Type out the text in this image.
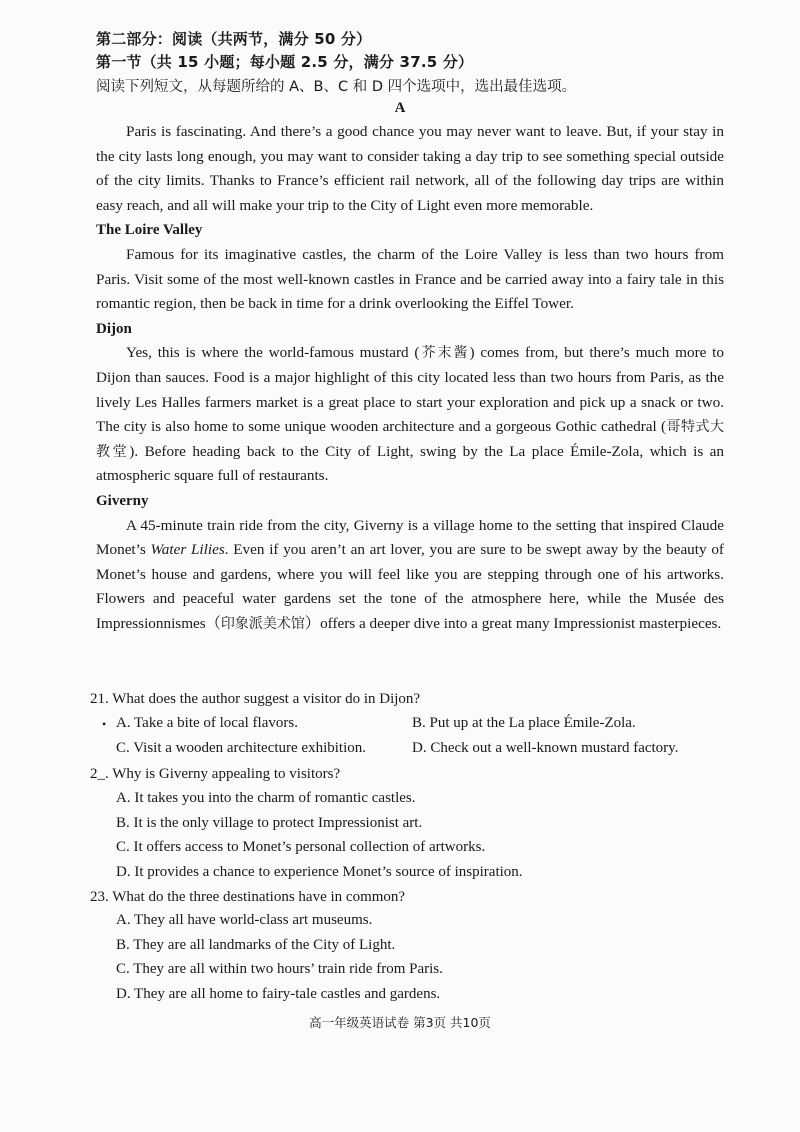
第二部分：阅读（共两节，满分 50 分）
第一节（共 15 小题；每小题 2.5 分，满分 37.5 分）
阅读下列短文，从每题所给的 A、B、C 和 D 四个选项中，选出最佳选项。
A

Paris is fascinating. And there’s a good chance you may never want to leave. But, if your stay in the city lasts long enough, you may want to consider taking a day trip to see something special outside of the city limits. Thanks to France’s efficient rail network, all of the following day trips are within easy reach, and all will make your trip to the City of Light even more memorable.

The Loire Valley

Famous for its imaginative castles, the charm of the Loire Valley is less than two hours from Paris. Visit some of the most well-known castles in France and be carried away into a fairy tale in this romantic region, then be back in time for a drink overlooking the Eiffel Tower.

Dijon

Yes, this is where the world-famous mustard (芥末酱) comes from, but there’s much more to Dijon than sauces. Food is a major highlight of this city located less than two hours from Paris, as the lively Les Halles farmers market is a great place to start your exploration and pick up a snack or two. The city is also home to some unique wooden architecture and a gorgeous Gothic cathedral (哥特式大教堂). Before heading back to the City of Light, swing by the La place Émile-Zola, which is an atmospheric square full of restaurants.

Giverny

A 45-minute train ride from the city, Giverny is a village home to the setting that inspired Claude Monet’s Water Lilies. Even if you aren’t an art lover, you are sure to be swept away by the beauty of Monet’s house and gardens, where you will feel like you are stepping through one of his artworks. Flowers and peaceful water gardens set the tone of the atmosphere here, while the Musée des Impressionnismes（印象派美术馆）offers a deeper dive into a great many Impressionist masterpieces.

21. What does the author suggest a visitor do in Dijon?
• A. Take a bite of local flavors.	B. Put up at the La place Émile-Zola.
C. Visit a wooden architecture exhibition.	D. Check out a well-known mustard factory.
2_. Why is Giverny appealing to visitors?
A. It takes you into the charm of romantic castles.
B. It is the only village to protect Impressionist art.
C. It offers access to Monet’s personal collection of artworks.
D. It provides a chance to experience Monet’s source of inspiration.
23. What do the three destinations have in common?
A. They all have world-class art museums.
B. They are all landmarks of the City of Light.
C. They are all within two hours’ train ride from Paris.
D. They are all home to fairy-tale castles and gardens.
高一年级英语试卷 第3页 共10页
